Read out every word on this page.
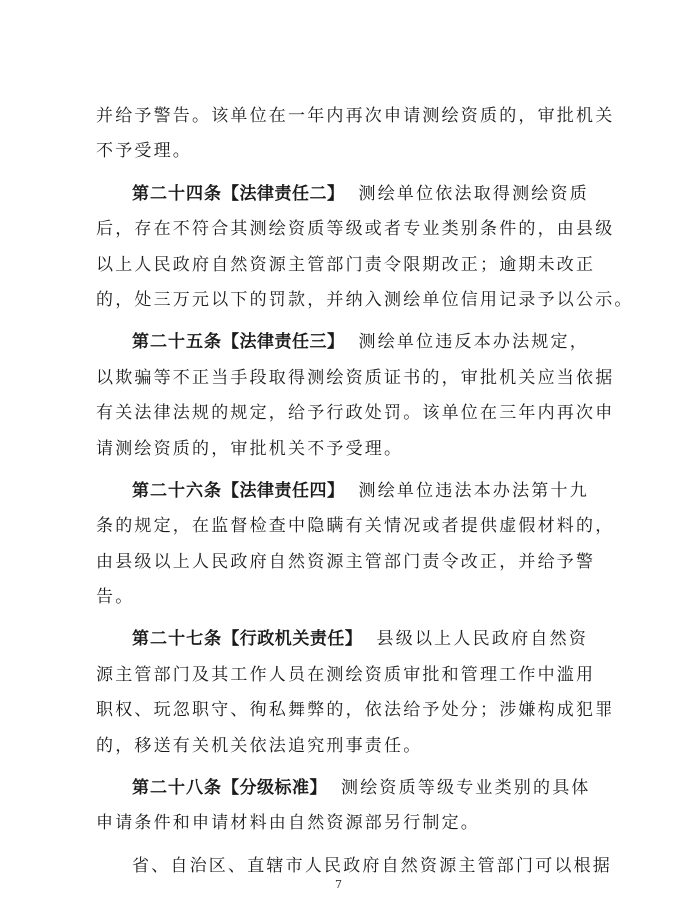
并给予警告。该单位在一年内再次申请测绘资质的，审批机关
不予受理。
第二十四条【法律责任二】 测绘单位依法取得测绘资质
后，存在不符合其测绘资质等级或者专业类别条件的，由县级
以上人民政府自然资源主管部门责令限期改正；逾期未改正
的，处三万元以下的罚款，并纳入测绘单位信用记录予以公示。
第二十五条【法律责任三】 测绘单位违反本办法规定，
以欺骗等不正当手段取得测绘资质证书的，审批机关应当依据
有关法律法规的规定，给予行政处罚。该单位在三年内再次申
请测绘资质的，审批机关不予受理。
第二十六条【法律责任四】 测绘单位违法本办法第十九
条的规定，在监督检查中隐瞒有关情况或者提供虚假材料的，
由县级以上人民政府自然资源主管部门责令改正，并给予警
告。
第二十七条【行政机关责任】 县级以上人民政府自然资
源主管部门及其工作人员在测绘资质审批和管理工作中滥用
职权、玩忽职守、徇私舞弊的，依法给予处分；涉嫌构成犯罪
的，移送有关机关依法追究刑事责任。
第二十八条【分级标准】 测绘资质等级专业类别的具体
申请条件和申请材料由自然资源部另行制定。
省、自治区、直辖市人民政府自然资源主管部门可以根据
7
